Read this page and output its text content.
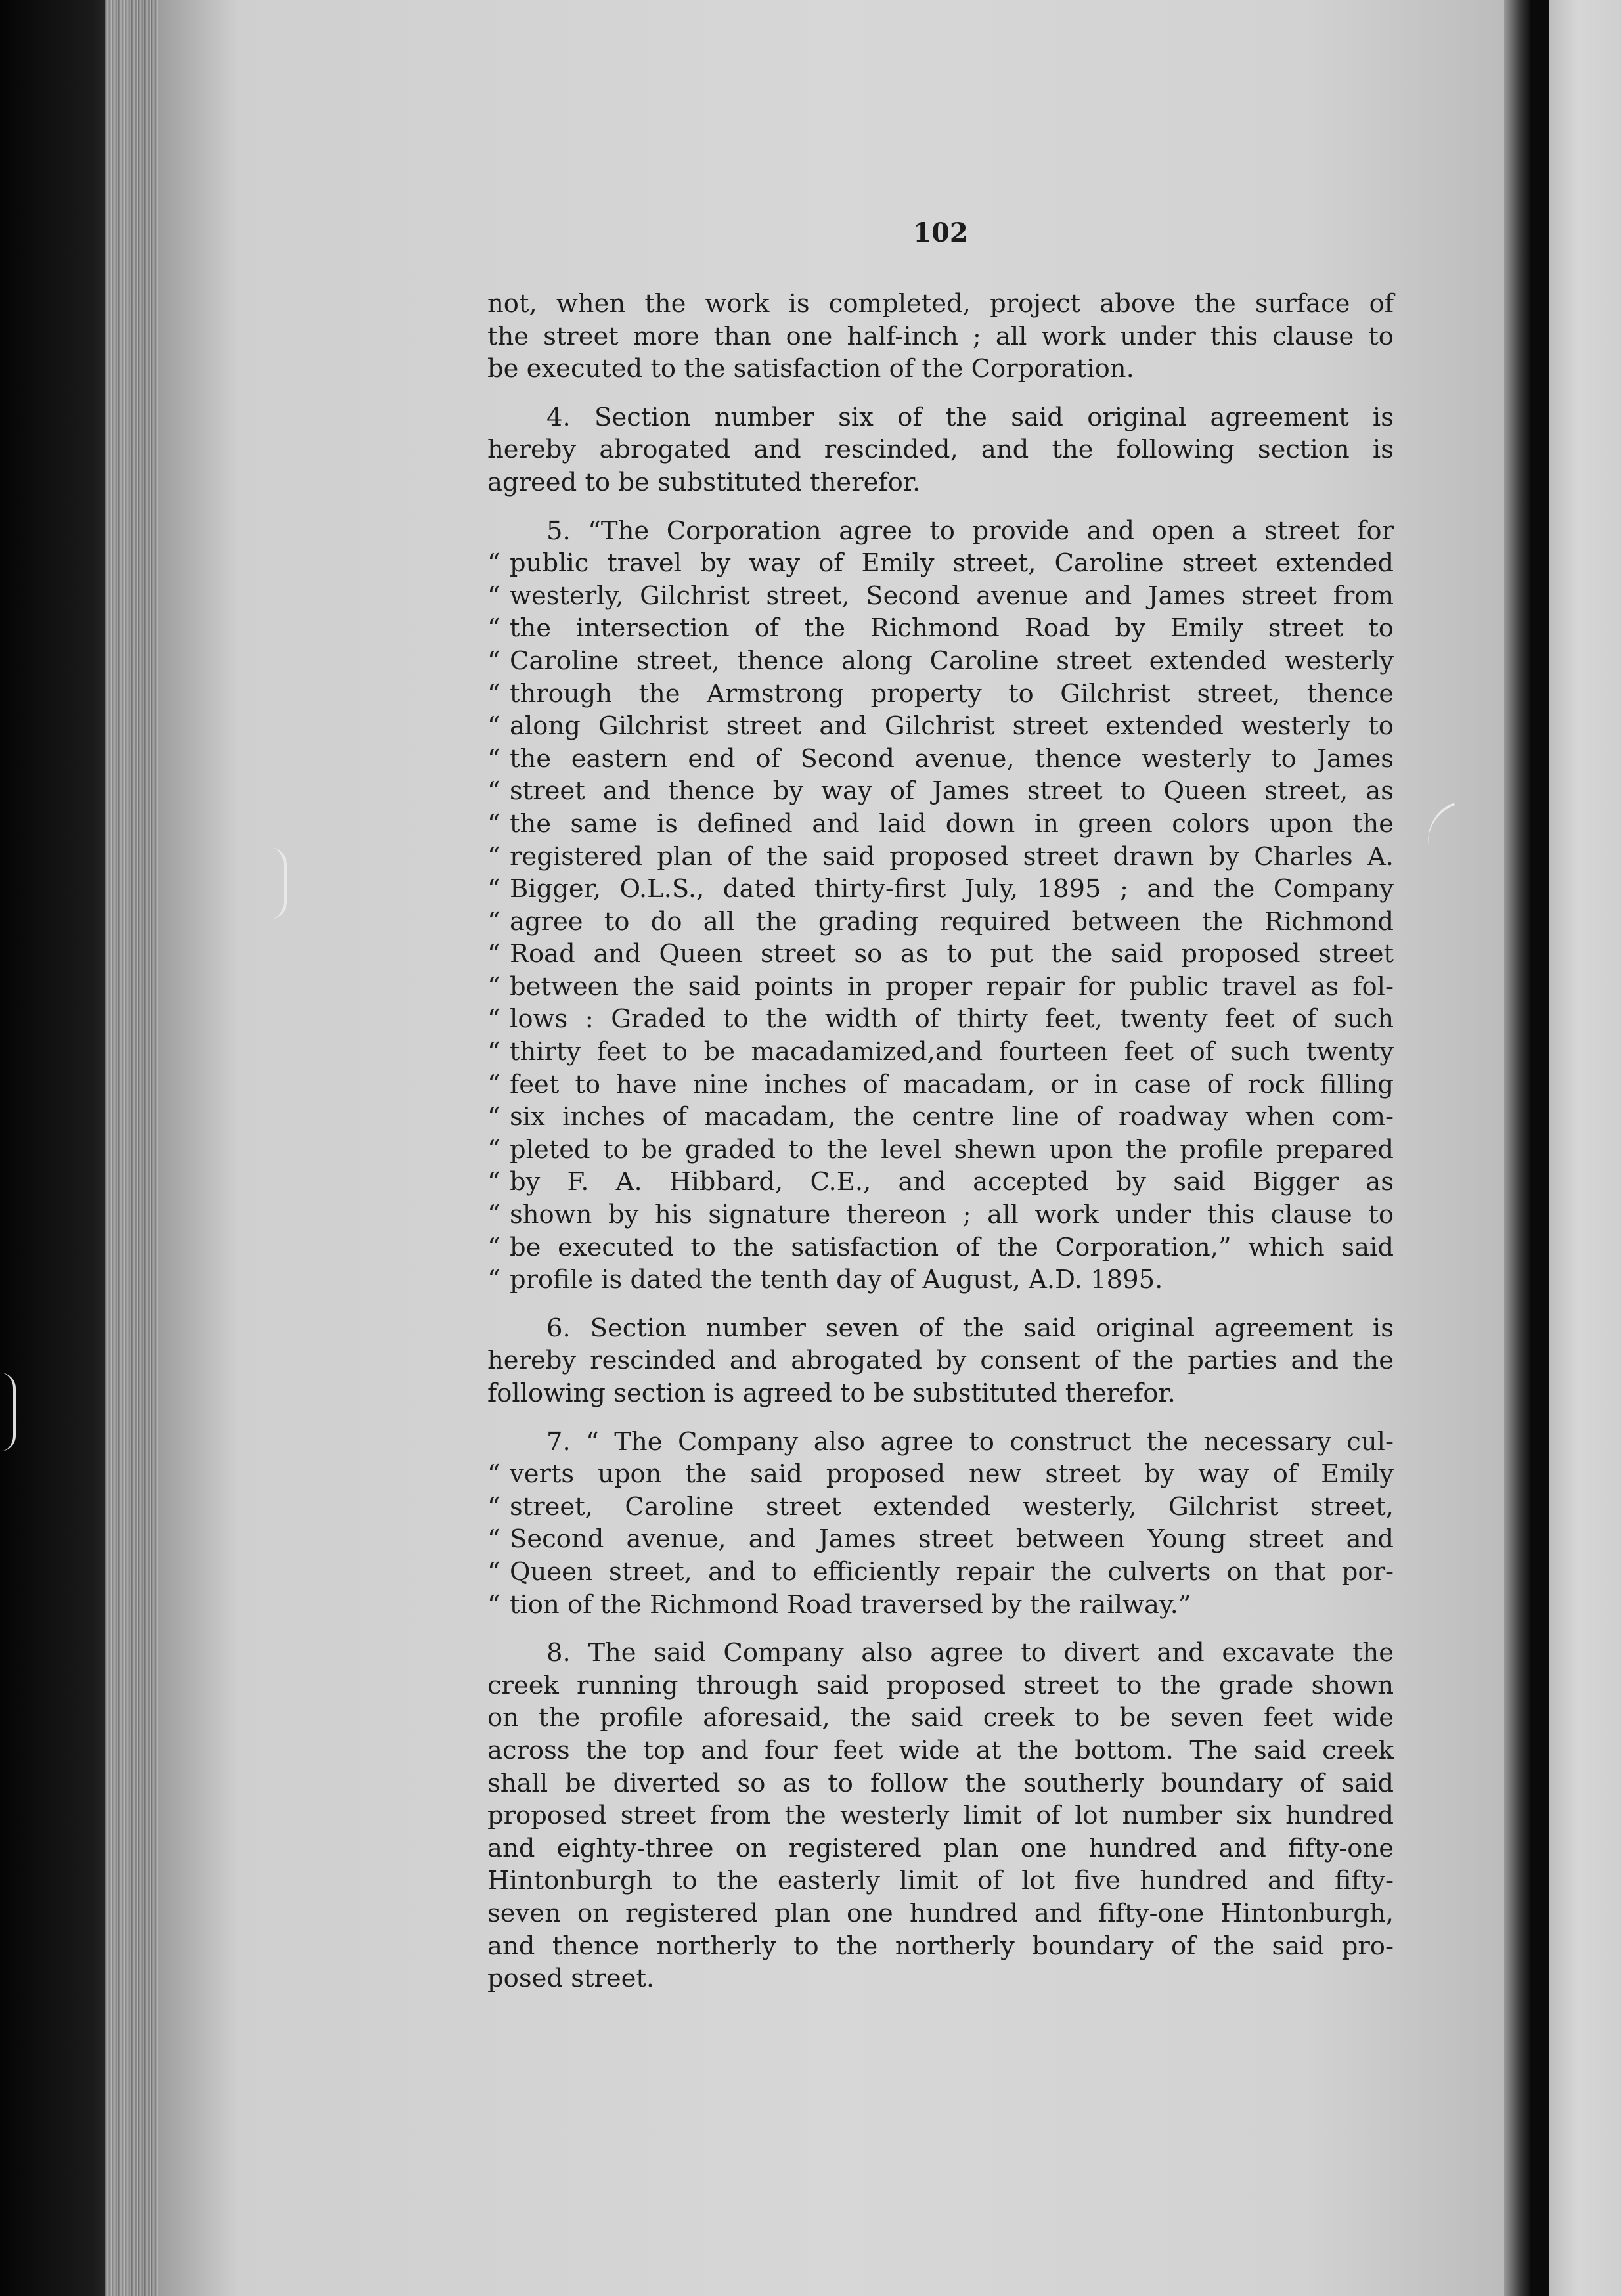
102
not, when the work is completed, project above the surface of
the street more than one half-inch ; all work under this clause to
be executed to the satisfaction of the Corporation.
4. Section number six of the said original agreement is
hereby abrogated and rescinded, and the following section is
agreed to be substituted therefor.
5. “The Corporation agree to provide and open a street for
“ public travel by way of Emily street, Caroline street extended
“ westerly, Gilchrist street, Second avenue and James street from
“ the intersection of the Richmond Road by Emily street to
“ Caroline street, thence along Caroline street extended westerly
“ through the Armstrong property to Gilchrist street, thence
“ along Gilchrist street and Gilchrist street extended westerly to
“ the eastern end of Second avenue, thence westerly to James
“ street and thence by way of James street to Queen street, as
“ the same is defined and laid down in green colors upon the
“ registered plan of the said proposed street drawn by Charles A.
“ Bigger, O.L.S., dated thirty-first July, 1895 ; and the Company
“ agree to do all the grading required between the Richmond
“ Road and Queen street so as to put the said proposed street
“ between the said points in proper repair for public travel as fol-
“ lows : Graded to the width of thirty feet, twenty feet of such
“ thirty feet to be macadamized,and fourteen feet of such twenty
“ feet to have nine inches of macadam, or in case of rock filling
“ six inches of macadam, the centre line of roadway when com-
“ pleted to be graded to the level shewn upon the profile prepared
“ by F. A. Hibbard, C.E., and accepted by said Bigger as
“ shown by his signature thereon ; all work under this clause to
“ be executed to the satisfaction of the Corporation,” which said
“ profile is dated the tenth day of August, A.D. 1895.
6. Section number seven of the said original agreement is
hereby rescinded and abrogated by consent of the parties and the
following section is agreed to be substituted therefor.
7. “ The Company also agree to construct the necessary cul-
“ verts upon the said proposed new street by way of Emily
“ street, Caroline street extended westerly, Gilchrist street,
“ Second avenue, and James street between Young street and
“ Queen street, and to efficiently repair the culverts on that por-
“ tion of the Richmond Road traversed by the railway.”
8. The said Company also agree to divert and excavate the
creek running through said proposed street to the grade shown
on the profile aforesaid, the said creek to be seven feet wide
across the top and four feet wide at the bottom. The said creek
shall be diverted so as to follow the southerly boundary of said
proposed street from the westerly limit of lot number six hundred
and eighty-three on registered plan one hundred and fifty-one
Hintonburgh to the easterly limit of lot five hundred and fifty-
seven on registered plan one hundred and fifty-one Hintonburgh,
and thence northerly to the northerly boundary of the said pro-
posed street.
